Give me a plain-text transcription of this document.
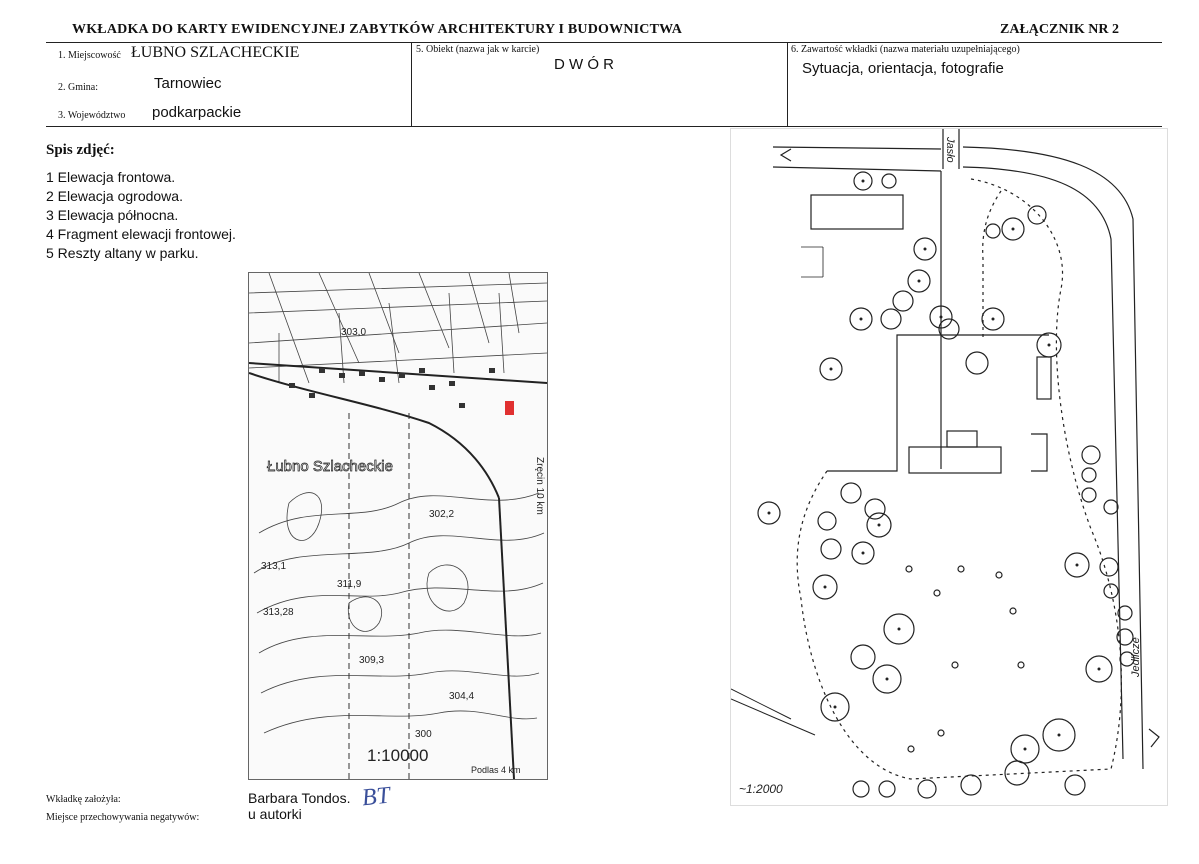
WKŁADKA DO KARTY EWIDENCYJNEJ ZABYTKÓW ARCHITEKTURY I BUDOWNICTWA	ZAŁĄCZNIK NR 2
1. Miejscowość ŁUBNO SZLACHECKIE
2. Gmina:	Tarnowiec
3. Województwo podkarpackie
5. Obiekt (nazwa jak w karcie)
D W Ó R
6. Zawartość wkładki (nazwa materiału uzupełniającego)
Sytuacja, orientacja, fotografie
Spis zdjęć:
1 Elewacja frontowa.
2 Elewacja ogrodowa.
3 Elewacja północna.
4 Fragment elewacji frontowej.
5 Reszty altany w parku.
303,0
302,2
313,1
311,9
313,28
309,3
304,4
300
Łubno Szlacheckie	Zręcin 10 km
1:10000
Podlas 4 km
Jasło
Jedlicze
~1:2000
Wkładkę założyła:	Barbara Tondos.
Miejsce przechowywania negatywów:	u autorki
BT
